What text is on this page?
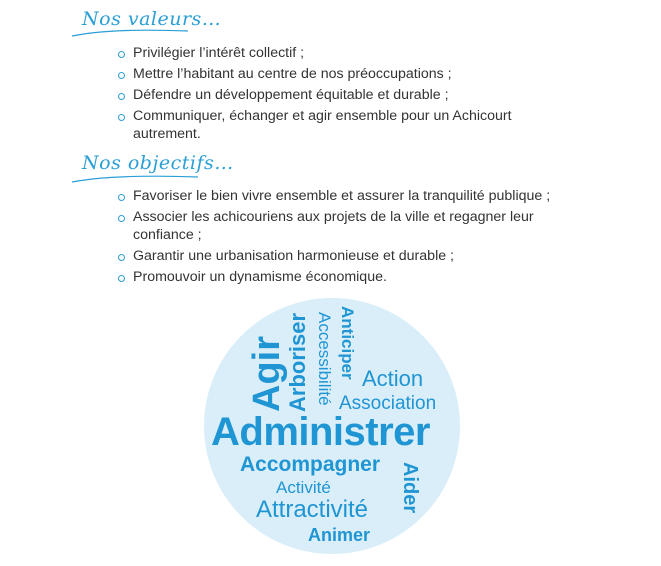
Nos valeurs…
Privilégier l’intérêt collectif ;
Mettre l’habitant au centre de nos préoccupations ;
Défendre un développement équitable et durable ;
Communiquer, échanger et agir ensemble pour un Achicourt autrement.
Nos objectifs…
Favoriser le bien vivre ensemble et assurer la tranquilité publique ;
Associer les achicouriens aux projets de la ville et regagner leur confiance ;
Garantir une urbanisation harmonieuse et durable ;
Promouvoir un dynamisme économique.
Agir
Arboriser Accessibilité Anticiper Action
Association
Administrer
Accompagner Aider
Activité
Attractivité
Animer
